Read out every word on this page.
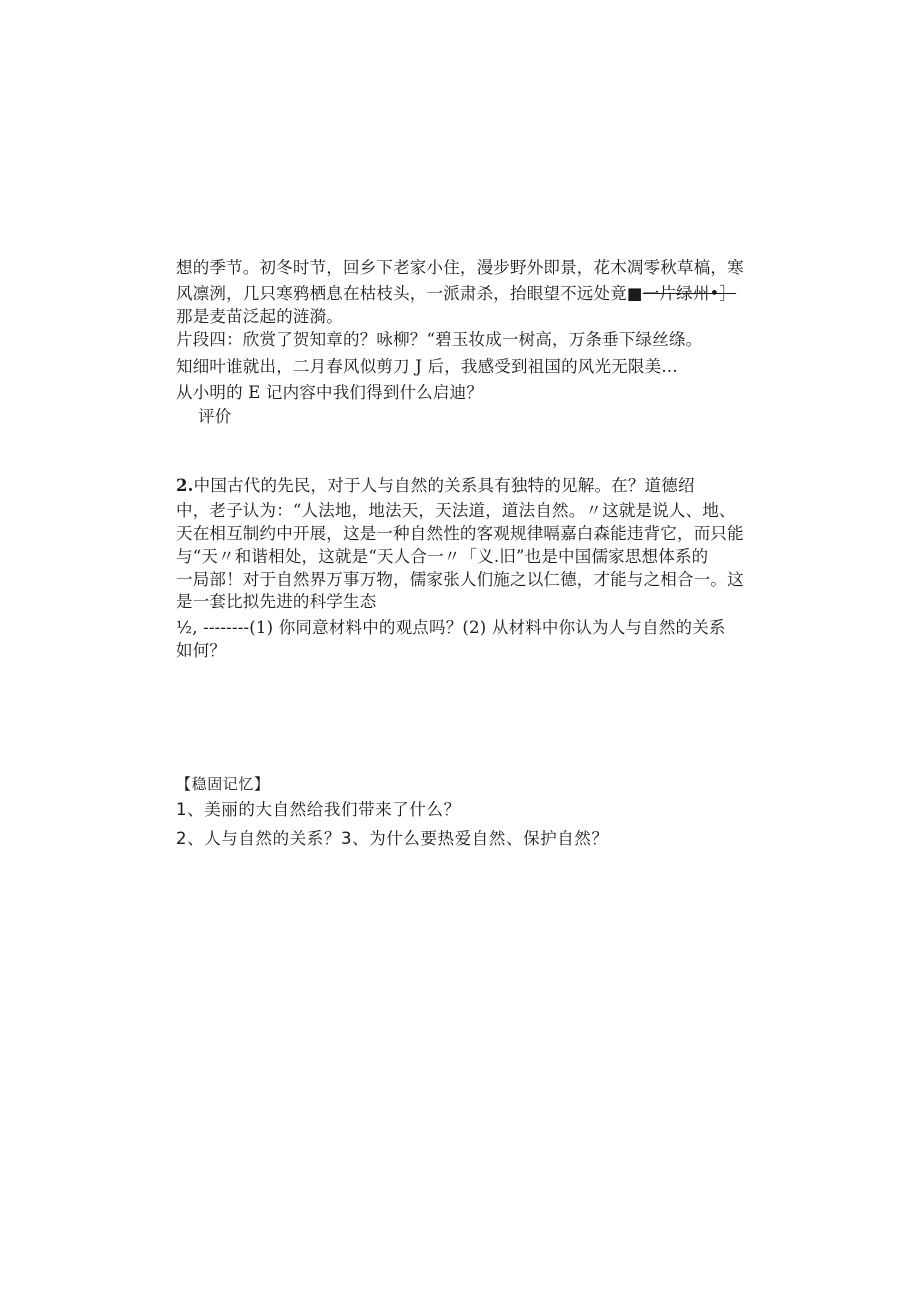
想的季节。初冬时节，回乡下老家小住，漫步野外即景，花木凋零秋草槁，寒
风凛洌，几只寒鸦栖息在枯枝头，一派肃杀，抬眼望不远处竟■一片绿州•］
那是麦苗泛起的涟漪。
片段四：欣赏了贺知章的？咏柳？“碧玉妆成一树高，万条垂下绿丝绦。
知细叶谁就出，二月春风似剪刀 J 后，我感受到祖国的风光无限美…
从小明的 E 记内容中我们得到什么启迪？
评价
2.中国古代的先民，对于人与自然的关系具有独特的见解。在？道德绍
中，老子认为：“人法地，地法天，天法道，道法自然。〃这就是说人、地、
天在相互制约中开展，这是一种自然性的客观规律嗝嘉白森能违背它，而只能
与“天〃和谐相处，这就是“天人合一〃「义.旧”也是中国儒家思想体系的
一局部！对于自然界万事万物，儒家张人们施之以仁德，才能与之相合一。这
是一套比拟先进的科学生态
½, --------(1) 你同意材料中的观点吗？(2) 从材料中你认为人与自然的关系
如何？
【稳固记忆】
1、美丽的大自然给我们带来了什么？
2、人与自然的关系？3、为什么要热爱自然、保护自然？
